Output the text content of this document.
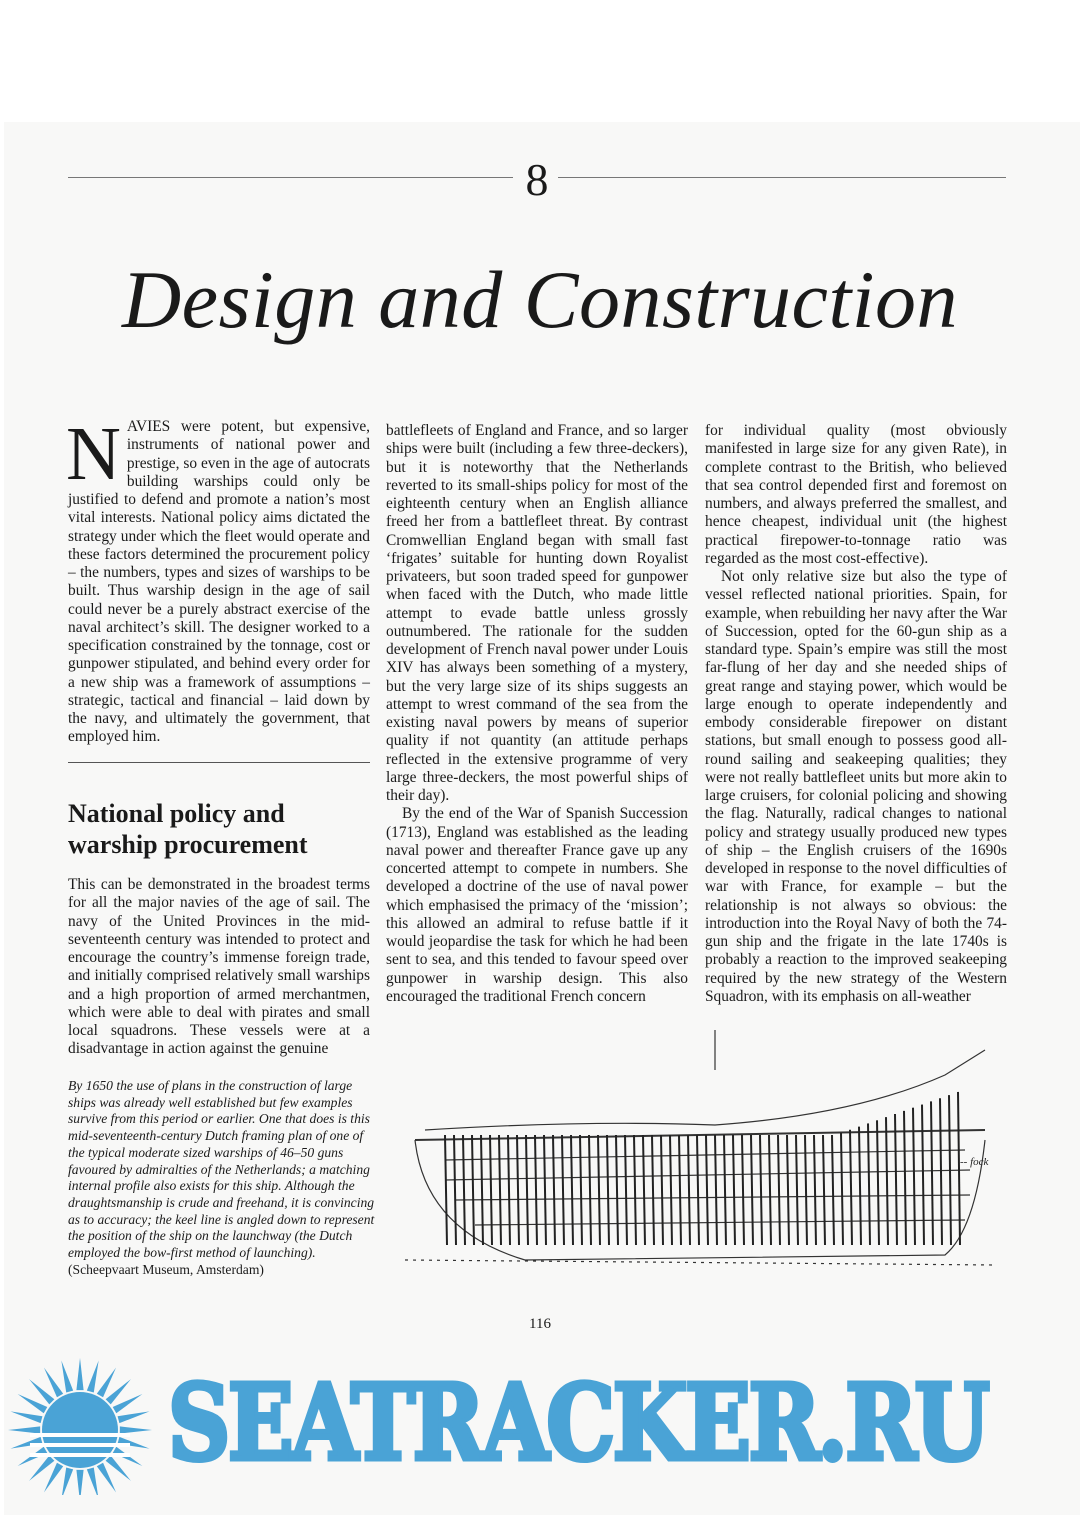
8
Design and Construction

NAVIES were potent, but expensive, instruments of national power and prestige, so even in the age of autocrats building warships could only be justified to defend and promote a nation’s most vital interests. National policy aims dictated the strategy under which the fleet would operate and these factors determined the procurement policy – the numbers, types and sizes of warships to be built. Thus warship design in the age of sail could never be a purely abstract exercise of the naval architect’s skill. The designer worked to a specification constrained by the tonnage, cost or gunpower stipulated, and behind every order for a new ship was a framework of assumptions – strategic, tactical and financial – laid down by the navy, and ultimately the government, that employed him.

National policy and warship procurement

This can be demonstrated in the broadest terms for all the major navies of the age of sail. The navy of the United Provinces in the mid-seventeenth century was intended to protect and encourage the country’s immense foreign trade, and initially comprised relatively small warships and a high proportion of armed merchantmen, which were able to deal with pirates and small local squadrons. These vessels were at a disadvantage in action against the genuine

battlefleets of England and France, and so larger ships were built (including a few three-deckers), but it is noteworthy that the Netherlands reverted to its small-ships policy for most of the eighteenth century when an English alliance freed her from a battlefleet threat. By contrast Cromwellian England began with small fast ‘frigates’ suitable for hunting down Royalist privateers, but soon traded speed for gunpower when faced with the Dutch, who made little attempt to evade battle unless grossly outnumbered. The rationale for the sudden development of French naval power under Louis XIV has always been something of a mystery, but the very large size of its ships suggests an attempt to wrest command of the sea from the existing naval powers by means of superior quality if not quantity (an attitude perhaps reflected in the extensive programme of very large three-deckers, the most powerful ships of their day).

By the end of the War of Spanish Succession (1713), England was established as the leading naval power and thereafter France gave up any concerted attempt to compete in numbers. She developed a doctrine of the use of naval power which emphasised the primacy of the ‘mission’; this allowed an admiral to refuse battle if it would jeopardise the task for which he had been sent to sea, and this tended to favour speed over gunpower in warship design. This also encouraged the traditional French concern

for individual quality (most obviously manifested in large size for any given Rate), in complete contrast to the British, who believed that sea control depended first and foremost on numbers, and always preferred the smallest, and hence cheapest, individual unit (the highest practical firepower-to-tonnage ratio was regarded as the most cost-effective).

Not only relative size but also the type of vessel reflected national priorities. Spain, for example, when rebuilding her navy after the War of Succession, opted for the 60-gun ship as a standard type. Spain’s empire was still the most far-flung of her day and she needed ships of great range and staying power, which would be large enough to operate independently and embody considerable firepower on distant stations, but small enough to possess good all-round sailing and seakeeping qualities; they were not really battlefleet units but more akin to large cruisers, for colonial policing and showing the flag. Naturally, radical changes to national policy and strategy usually produced new types of ship – the English cruisers of the 1690s developed in response to the novel difficulties of war with France, for example – but the relationship is not always so obvious: the introduction into the Royal Navy of both the 74-gun ship and the frigate in the late 1740s is probably a reaction to the improved seakeeping required by the new strategy of the Western Squadron, with its emphasis on all-weather

By 1650 the use of plans in the construction of large ships was already well established but few examples survive from this period or earlier. One that does is this mid-seventeenth-century Dutch framing plan of one of the typical moderate sized warships of 46–50 guns favoured by admiralties of the Netherlands; a matching internal profile also exists for this ship. Although the draughtsmanship is crude and freehand, it is convincing as to accuracy; the keel line is angled down to represent the position of the ship on the launchway (the Dutch employed the bow-first method of launching).
(Scheepvaart Museum, Amsterdam)
-- fock
116
SEATRACKER.RU
